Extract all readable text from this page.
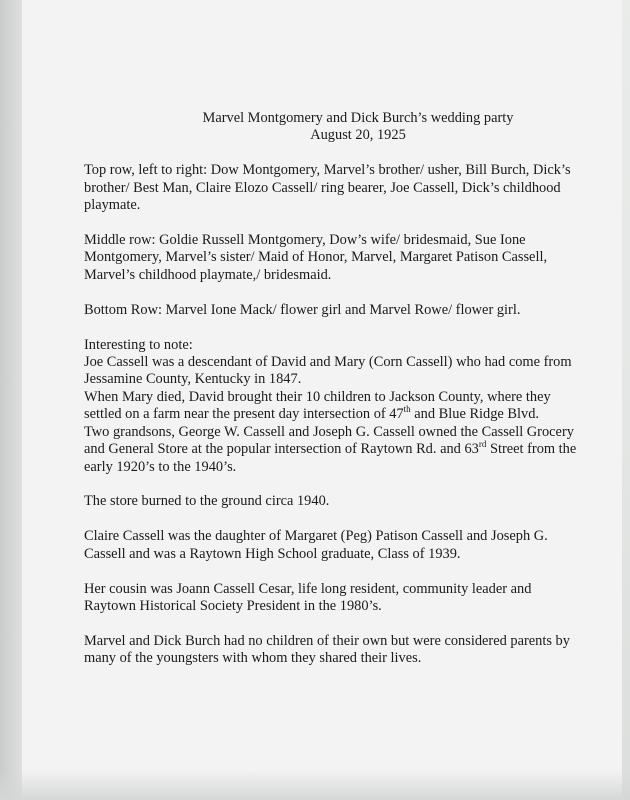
Marvel Montgomery and Dick Burch’s wedding party

August 20, 1925

Top row, left to right: Dow Montgomery, Marvel’s brother/ usher, Bill Burch, Dick’s brother/ Best Man, Claire Elozo Cassell/ ring bearer, Joe Cassell, Dick’s childhood playmate.

Middle row: Goldie Russell Montgomery, Dow’s wife/ bridesmaid, Sue Ione Montgomery, Marvel’s sister/ Maid of Honor, Marvel, Margaret Patison Cassell, Marvel’s childhood playmate,/ bridesmaid.

Bottom Row: Marvel Ione Mack/ flower girl and Marvel Rowe/ flower girl.

Interesting to note:

Joe Cassell was a descendant of David and Mary (Corn Cassell) who had come from Jessamine County, Kentucky in 1847.

When Mary died, David brought their 10 children to Jackson County, where they settled on a farm near the present day intersection of 47th and Blue Ridge Blvd.

Two grandsons, George W. Cassell and Joseph G. Cassell owned the Cassell Grocery and General Store at the popular intersection of Raytown Rd. and 63rd Street from the early 1920’s to the 1940’s.

The store burned to the ground circa 1940.

Claire Cassell was the daughter of Margaret (Peg) Patison Cassell and Joseph G. Cassell and was a Raytown High School graduate, Class of 1939.

Her cousin was Joann Cassell Cesar, life long resident, community leader and Raytown Historical Society President in the 1980’s.

Marvel and Dick Burch had no children of their own but were considered parents by many of the youngsters with whom they shared their lives.
